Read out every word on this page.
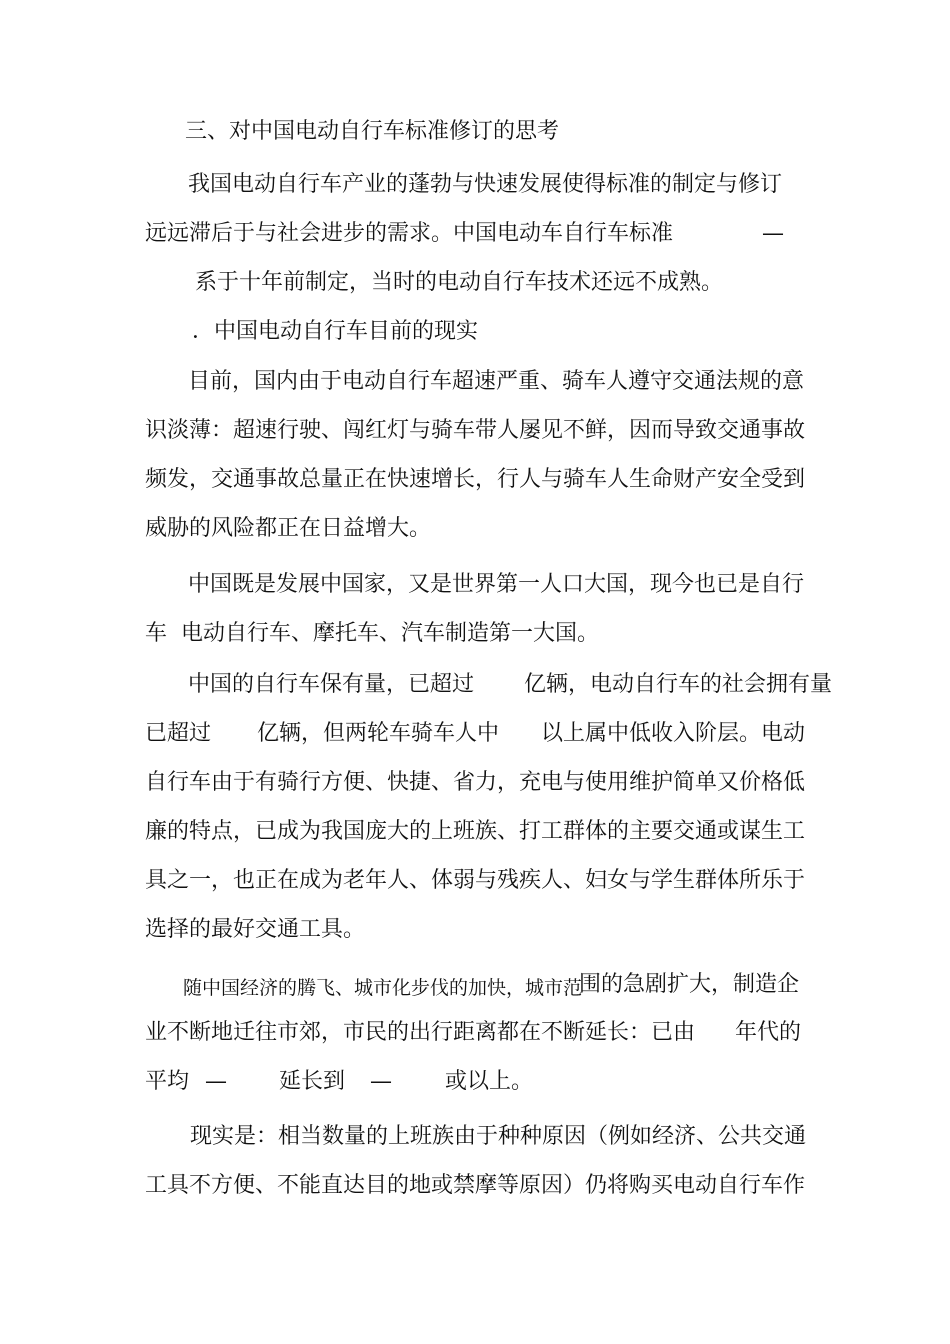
三、对中国电动自行车标准修订的思考
我国电动自行车产业的蓬勃与快速发展使得标准的制定与修订

远远滞后于与社会进步的需求。中国电动车自行车标准

	—

系于十年前制定，当时的电动自行车技术还远不成熟。
．中国电动自行车目前的现实
目前，国内由于电动自行车超速严重、骑车人遵守交通法规的意
识淡薄：超速行驶、闯红灯与骑车带人屡见不鲜，因而导致交通事故
频发，交通事故总量正在快速增长，行人与骑车人生命财产安全受到
威胁的风险都正在日益增大。
中国既是发展中国家，又是世界第一人口大国，现今也已是自行
车  电动自行车、摩托车、汽车制造第一大国。

中国的自行车保有量，已超过

亿辆，电动自行车的社会拥有量

已超过

亿辆，但两轮车骑车人中

以上属中低收入阶层。电动

自行车由于有骑行方便、快捷、省力，充电与使用维护简单又价格低
廉的特点，已成为我国庞大的上班族、打工群体的主要交通或谋生工
具之一，也正在成为老年人、体弱与残疾人、妇女与学生群体所乐于
选择的最好交通工具。

随中国经济的腾飞、城市化步伐的加快，城市范

围的急剧扩大，制造企

业不断地迁往市郊，市民的出行距离都在不断延长：已由

年代的

平均

—

延长到

—

或以上。

现实是：相当数量的上班族由于种种原因（例如经济、公共交通
工具不方便、不能直达目的地或禁摩等原因）仍将购买电动自行车作
